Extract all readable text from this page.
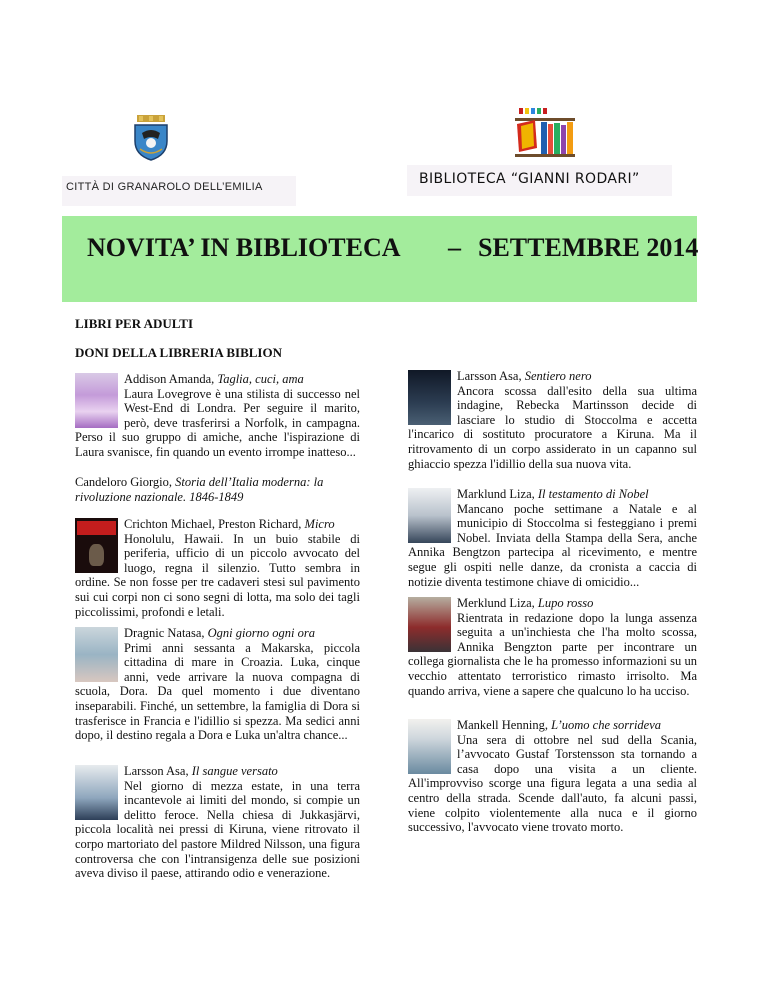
CITTÀ DI GRANAROLO DELL’EMILIA	BIBLIOTECA “GIANNI RODARI”
NOVITA’ IN BIBLIOTECA – SETTEMBRE 2014
LIBRI PER ADULTI
DONI DELLA LIBRERIA BIBLION
Addison Amanda, Taglia, cuci, ama
Laura Lovegrove è una stilista di successo nel West-End di Londra. Per seguire il marito, però, deve trasferirsi a Norfolk, in campagna. Perso il suo gruppo di amiche, anche l'ispirazione di Laura svanisce, fin quando un evento irrompe inatteso...
Candeloro Giorgio, Storia dell’Italia moderna: la rivoluzione nazionale. 1846-1849
Crichton Michael, Preston Richard, Micro
Honolulu, Hawaii. In un buio stabile di periferia, ufficio di un piccolo avvocato del luogo, regna il silenzio. Tutto sembra in ordine. Se non fosse per tre cadaveri stesi sul pavimento sui cui corpi non ci sono segni di lotta, ma solo dei tagli piccolissimi, profondi e letali.
Dragnic Natasa, Ogni giorno ogni ora
Primi anni sessanta a Makarska, piccola cittadina di mare in Croazia. Luka, cinque anni, vede arrivare la nuova compagna di scuola, Dora. Da quel momento i due diventano inseparabili. Finché, un settembre, la famiglia di Dora si trasferisce in Francia e l'idillio si spezza. Ma sedici anni dopo, il destino regala a Dora e Luka un'altra chance...
Larsson Asa, Il sangue versato
Nel giorno di mezza estate, in una terra incantevole ai limiti del mondo, si compie un delitto feroce. Nella chiesa di Jukkasjärvi, piccola località nei pressi di Kiruna, viene ritrovato il corpo martoriato del pastore Mildred Nilsson, una figura controversa che con l'intransigenza delle sue posizioni aveva diviso il paese, attirando odio e venerazione.
Larsson Asa, Sentiero nero
Ancora scossa dall'esito della sua ultima indagine, Rebecka Martinsson decide di lasciare lo studio di Stoccolma e accetta l'incarico di sostituto procuratore a Kiruna. Ma il ritrovamento di un corpo assiderato in un capanno sul ghiaccio spezza l'idillio della sua nuova vita.
Marklund Liza, Il testamento di Nobel
Mancano poche settimane a Natale e al municipio di Stoccolma si festeggiano i premi Nobel. Inviata della Stampa della Sera, anche Annika Bengtzon partecipa al ricevimento, e mentre segue gli ospiti nelle danze, da cronista a caccia di notizie diventa testimone chiave di omicidio...
Merklund Liza, Lupo rosso
Rientrata in redazione dopo la lunga assenza seguita a un'inchiesta che l'ha molto scossa, Annika Bengzton parte per incontrare un collega giornalista che le ha promesso informazioni su un vecchio attentato terroristico rimasto irrisolto. Ma quando arriva, viene a sapere che qualcuno lo ha ucciso.
Mankell Henning, L’uomo che sorrideva
Una sera di ottobre nel sud della Scania, l’avvocato Gustaf Torstensson sta tornando a casa dopo una visita a un cliente. All'improvviso scorge una figura legata a una sedia al centro della strada. Scende dall'auto, fa alcuni passi, viene colpito violentemente alla nuca e il giorno successivo, l'avvocato viene trovato morto.
